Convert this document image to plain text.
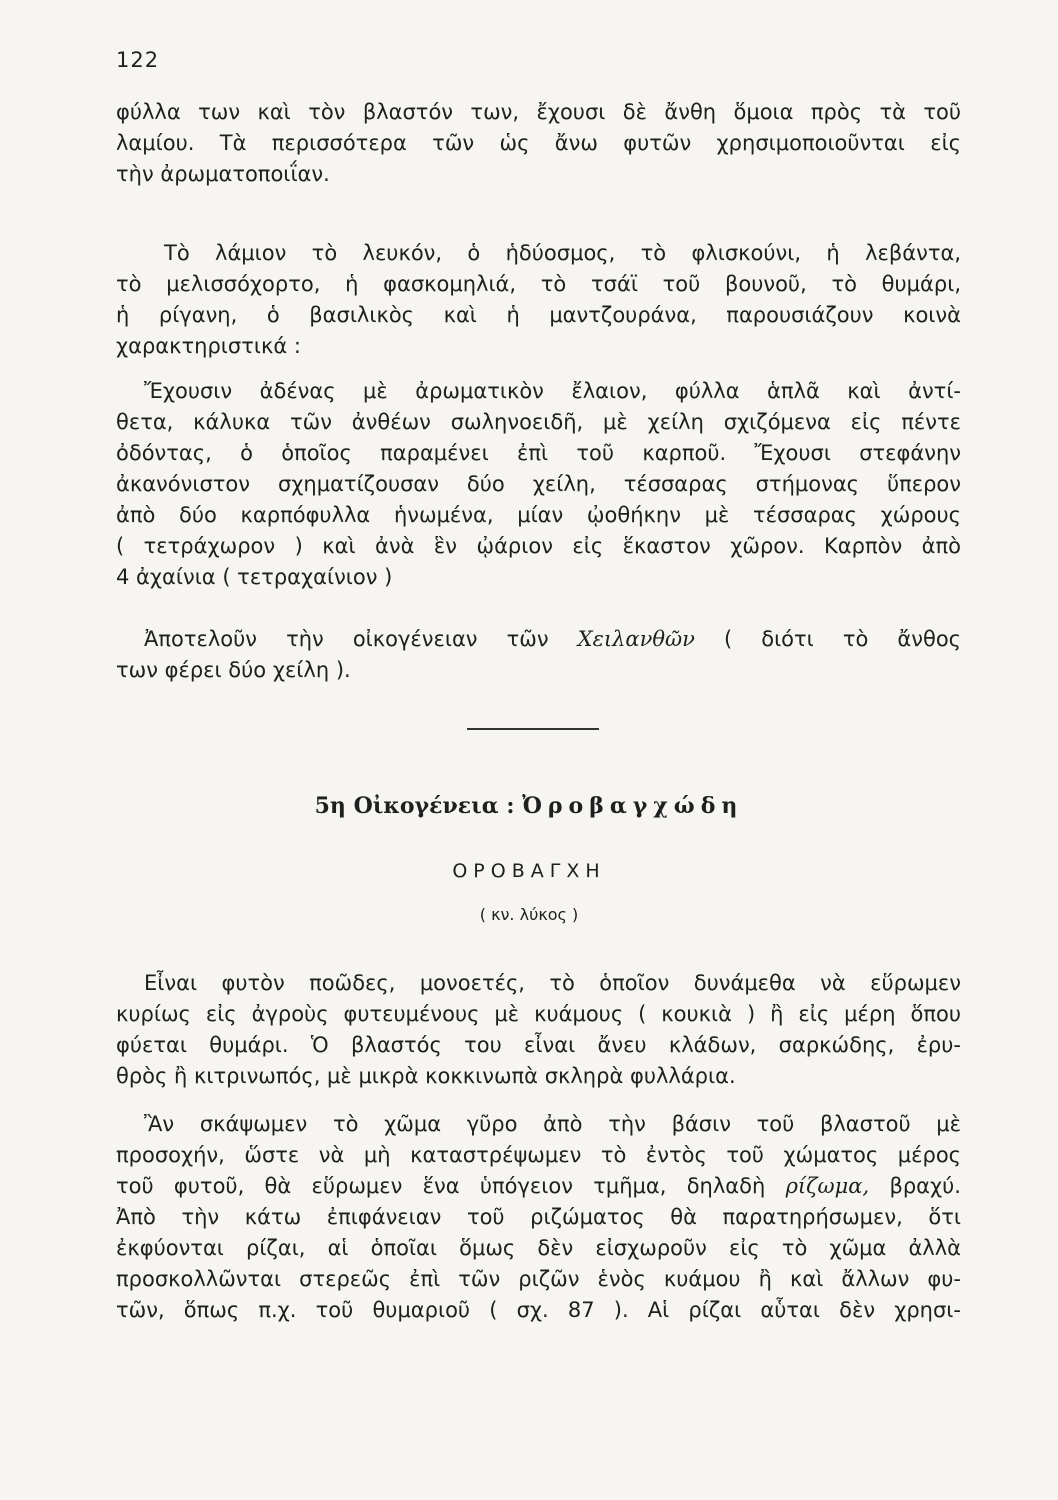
122

φύλλα των καὶ τὸν βλαστόν των, ἔχουσι δὲ ἄνθη ὅμοια πρὸς τὰ τοῦ
λαμίου. Τὰ περισσότερα τῶν ὡς ἄνω φυτῶν χρησιμοποιοῦνται εἰς
τὴν ἀρωματοποιΐαν.

Τὸ λάμιον τὸ λευκόν, ὁ ἡδύοσμος, τὸ φλισκούνι, ἡ λεβάντα,
τὸ μελισσόχορτο, ἡ φασκομηλιά, τὸ τσάϊ τοῦ βουνοῦ, τὸ θυμάρι,
ἡ ρίγανη, ὁ βασιλικὸς καὶ ἡ μαντζουράνα, παρουσιάζουν κοινὰ
χαρακτηριστικά :

Ἔχουσιν ἀδένας μὲ ἀρωματικὸν ἔλαιον, φύλλα ἁπλᾶ καὶ ἀντί-
θετα, κάλυκα τῶν ἀνθέων σωληνοειδῆ, μὲ χείλη σχιζόμενα εἰς πέντε
ὀδόντας, ὁ ὁποῖος παραμένει ἐπὶ τοῦ καρποῦ. Ἔχουσι στεφάνην
ἀκανόνιστον σχηματίζουσαν δύο χείλη, τέσσαρας στήμονας ὕπερον
ἀπὸ δύο καρπόφυλλα ἡνωμένα, μίαν ᾠοθήκην μὲ τέσσαρας χώρους
( τετράχωρον ) καὶ ἀνὰ ἓν ᾠάριον εἰς ἕκαστον χῶρον. Καρπὸν ἀπὸ
4 ἀχαίνια ( τετραχαίνιον )

Ἀποτελοῦν τὴν οἰκογένειαν τῶν Χειλανθῶν ( διότι τὸ ἄνθος
των φέρει δύο χείλη ).

5η Οἰκογένεια : Ὀροβαγχώδη
ΟΡΟΒΑΓΧΗ
( κν. λύκος )

Εἶναι φυτὸν ποῶδες, μονοετές, τὸ ὁποῖον δυνάμεθα νὰ εὕρωμεν
κυρίως εἰς ἀγροὺς φυτευμένους μὲ κυάμους ( κουκιὰ ) ἢ εἰς μέρη ὅπου
φύεται θυμάρι. Ὁ βλαστός του εἶναι ἄνευ κλάδων, σαρκώδης, ἐρυ-
θρὸς ἢ κιτρινωπός, μὲ μικρὰ κοκκινωπὰ σκληρὰ φυλλάρια.

Ἂν σκάψωμεν τὸ χῶμα γῦρο ἀπὸ τὴν βάσιν τοῦ βλαστοῦ μὲ
προσοχήν, ὥστε νὰ μὴ καταστρέψωμεν τὸ ἐντὸς τοῦ χώματος μέρος
τοῦ φυτοῦ, θὰ εὕρωμεν ἕνα ὑπόγειον τμῆμα, δηλαδὴ ρίζωμα, βραχύ.
Ἀπὸ τὴν κάτω ἐπιφάνειαν τοῦ ριζώματος θὰ παρατηρήσωμεν, ὅτι
ἐκφύονται ρίζαι, αἱ ὁποῖαι ὅμως δὲν εἰσχωροῦν εἰς τὸ χῶμα ἀλλὰ
προσκολλῶνται στερεῶς ἐπὶ τῶν ριζῶν ἑνὸς κυάμου ἢ καὶ ἄλλων φυ-
τῶν, ὅπως π.χ. τοῦ θυμαριοῦ ( σχ. 87 ). Αἱ ρίζαι αὗται δὲν χρησι-
